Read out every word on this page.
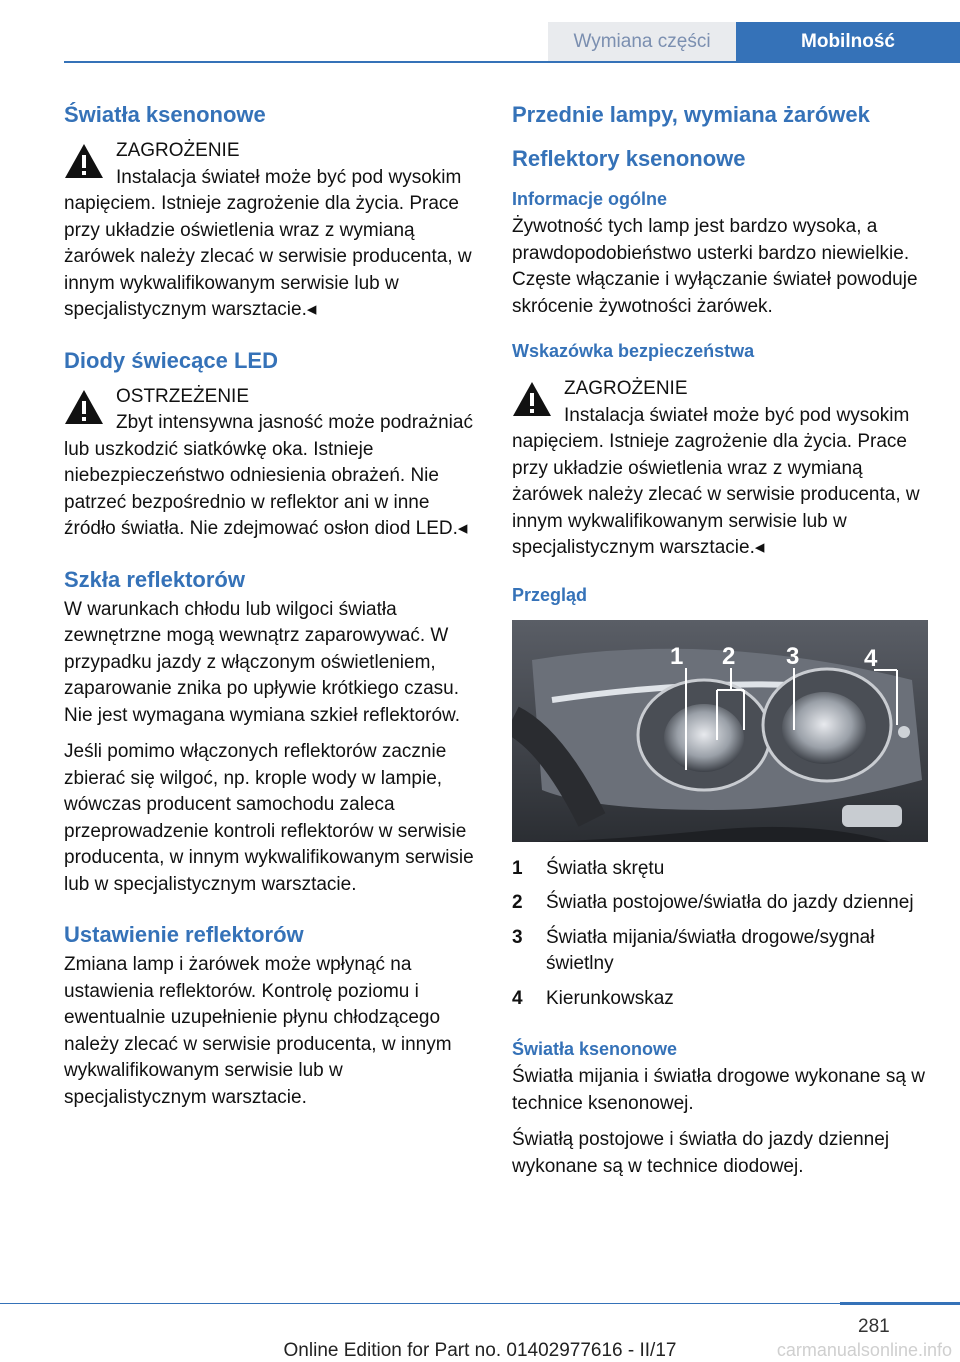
Wymiana części	Mobilność
Światła ksenonowe

ZAGROŻENIE

Instalacja świateł może być pod wysokim napięciem. Istnieje zagrożenie dla życia. Prace przy układzie oświetlenia wraz z wymianą żarówek należy zlecać w serwisie producenta, w innym wykwalifikowanym serwisie lub w specjalistycznym warsztacie.◂

Diody świecące LED

OSTRZEŻENIE

Zbyt intensywna jasność może podrażniać lub uszkodzić siatkówkę oka. Istnieje niebezpieczeństwo odniesienia obrażeń. Nie patrzeć bezpośrednio w reflektor ani w inne źródło światła. Nie zdejmować osłon diod LED.◂

Szkła reflektorów

W warunkach chłodu lub wilgoci światła zewnętrzne mogą wewnątrz zaparowywać. W przypadku jazdy z włączonym oświetleniem, zaparowanie znika po upływie krótkiego czasu. Nie jest wymagana wymiana szkieł reflektorów.

Jeśli pomimo włączonych reflektorów zacznie zbierać się wilgoć, np. krople wody w lampie, wówczas producent samochodu zaleca przeprowadzenie kontroli reflektorów w serwisie producenta, w innym wykwalifikowanym serwisie lub w specjalistycznym warsztacie.

Ustawienie reflektorów

Zmiana lamp i żarówek może wpłynąć na ustawienia reflektorów. Kontrolę poziomu i ewentualnie uzupełnienie płynu chłodzącego należy zlecać w serwisie producenta, w innym wykwalifikowanym serwisie lub w specjalistycznym warsztacie.

Przednie lampy, wymiana żarówek
Reflektory ksenonowe
Informacje ogólne

Żywotność tych lamp jest bardzo wysoka, a prawdopodobieństwo usterki bardzo niewielkie. Częste włączanie i wyłączanie świateł powoduje skrócenie żywotności żarówek.

Wskazówka bezpieczeństwa

ZAGROŻENIE

Instalacja świateł może być pod wysokim napięciem. Istnieje zagrożenie dla życia. Prace przy układzie oświetlenia wraz z wymianą żarówek należy zlecać w serwisie producenta, w innym wykwalifikowanym serwisie lub w specjalistycznym warsztacie.◂

Przegląd
1 2 3	4
1	Światła skrętu
2	Światła postojowe/światła do jazdy dziennej
3	Światła mijania/światła drogowe/sygnał świetlny
4	Kierunkowskaz
Światła ksenonowe

Światła mijania i światła drogowe wykonane są w technice ksenonowej.

Światłą postojowe i światła do jazdy dziennej wykonane są w technice diodowej.

281
Online Edition for Part no. 01402977616 - II/17	carmanualsonline.info
